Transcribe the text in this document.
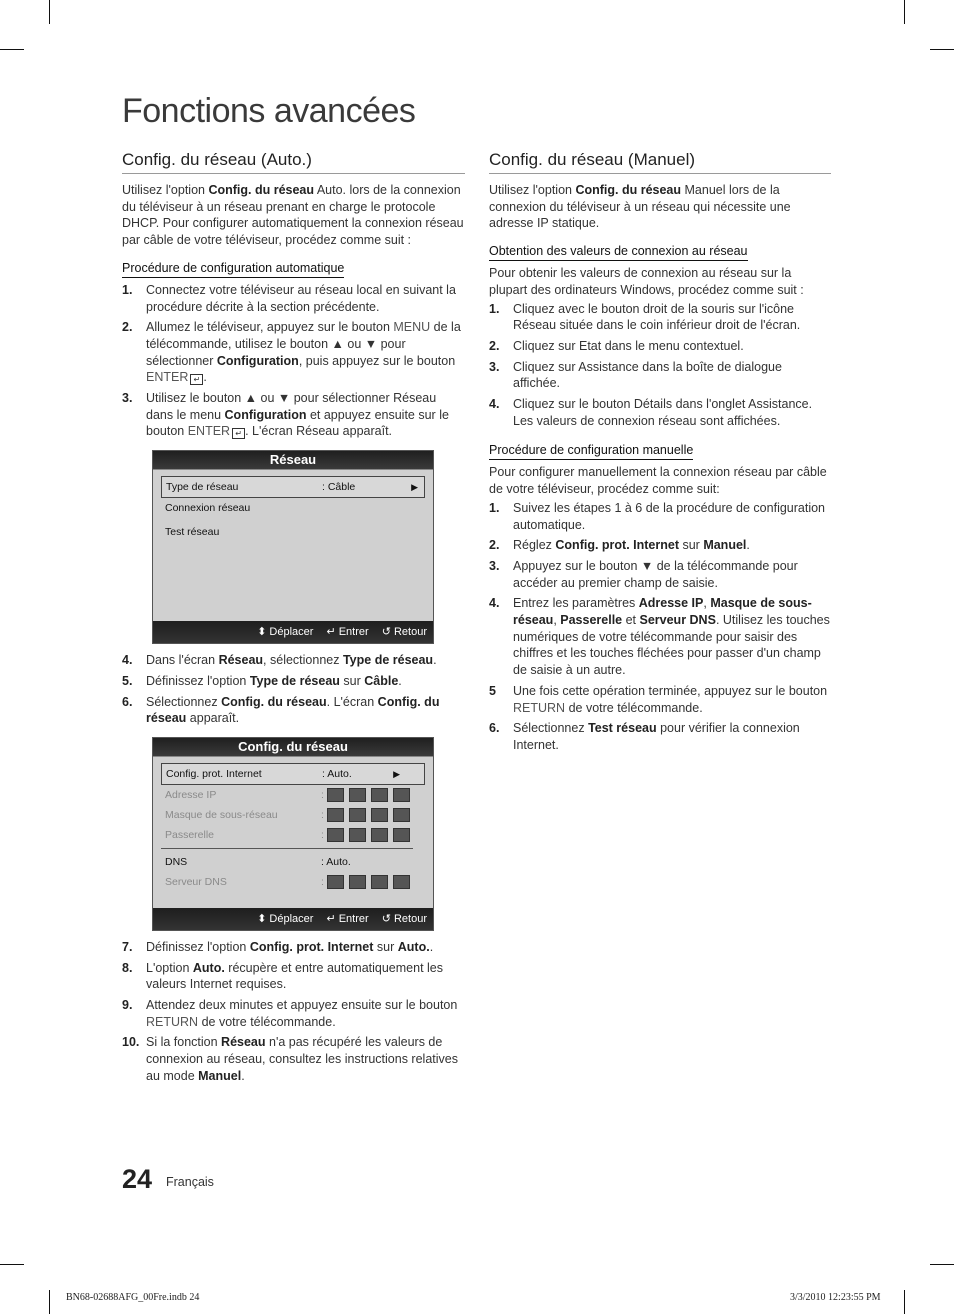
Fonctions avancées
Config. du réseau (Auto.)

Utilisez l'option Config. du réseau Auto. lors de la connexion du téléviseur à un réseau prenant en charge le protocole DHCP. Pour configurer automatiquement la connexion réseau par câble de votre téléviseur, procédez comme suit :

Procédure de configuration automatique
1. Connectez votre téléviseur au réseau local en suivant la procédure décrite à la section précédente.
2. Allumez le téléviseur, appuyez sur le bouton MENU de la télécommande, utilisez le bouton ▲ ou ▼ pour sélectionner Configuration, puis appuyez sur le bouton ENTER ↵ .
3. Utilisez le bouton ▲ ou ▼ pour sélectionner Réseau dans le menu Configuration et appuyez ensuite sur le bouton ENTER ↵ . L'écran Réseau apparaît.
Réseau
Type de réseau	: Câble	▶
Connexion réseau
Test réseau
⬍ Déplacer ↵ Entrer ↺ Retour
4. Dans l'écran Réseau, sélectionnez Type de réseau.
5. Définissez l'option Type de réseau sur Câble.
6. Sélectionnez Config. du réseau. L'écran Config. du réseau apparaît.
Config. du réseau
Config. prot. Internet	: Auto.	▶
Adresse IP	:
Masque de sous-réseau	:
Passerelle	:
DNS	: Auto.
Serveur DNS	:
⬍ Déplacer ↵ Entrer ↺ Retour
7. Définissez l'option Config. prot. Internet sur Auto..
8. L'option Auto. récupère et entre automatiquement les valeurs Internet requises.
9. Attendez deux minutes et appuyez ensuite sur le bouton RETURN de votre télécommande.
10. Si la fonction Réseau n'a pas récupéré les valeurs de connexion au réseau, consultez les instructions relatives au mode Manuel.
Config. du réseau (Manuel)

Utilisez l'option Config. du réseau Manuel lors de la connexion du téléviseur à un réseau qui nécessite une adresse IP statique.

Obtention des valeurs de connexion au réseau

Pour obtenir les valeurs de connexion au réseau sur la plupart des ordinateurs Windows, procédez comme suit :

1. Cliquez avec le bouton droit de la souris sur l'icône Réseau située dans le coin inférieur droit de l'écran.
2. Cliquez sur Etat dans le menu contextuel.
3. Cliquez sur Assistance dans la boîte de dialogue affichée.
4. Cliquez sur le bouton Détails dans l'onglet Assistance. Les valeurs de connexion réseau sont affichées.
Procédure de configuration manuelle

Pour configurer manuellement la connexion réseau par câble de votre téléviseur, procédez comme suit:

1. Suivez les étapes 1 à 6 de la procédure de configuration automatique.
2. Réglez Config. prot. Internet sur Manuel.
3. Appuyez sur le bouton ▼ de la télécommande pour accéder au premier champ de saisie.
4. Entrez les paramètres Adresse IP, Masque de sous-réseau, Passerelle et Serveur DNS. Utilisez les touches numériques de votre télécommande pour saisir des chiffres et les touches fléchées pour passer d'un champ de saisie à un autre.
5 Une fois cette opération terminée, appuyez sur le bouton RETURN de votre télécommande.
6. Sélectionnez Test réseau pour vérifier la connexion Internet.
24 Français
BN68-02688AFG_00Fre.indb 24	3/3/2010 12:23:55 PM
